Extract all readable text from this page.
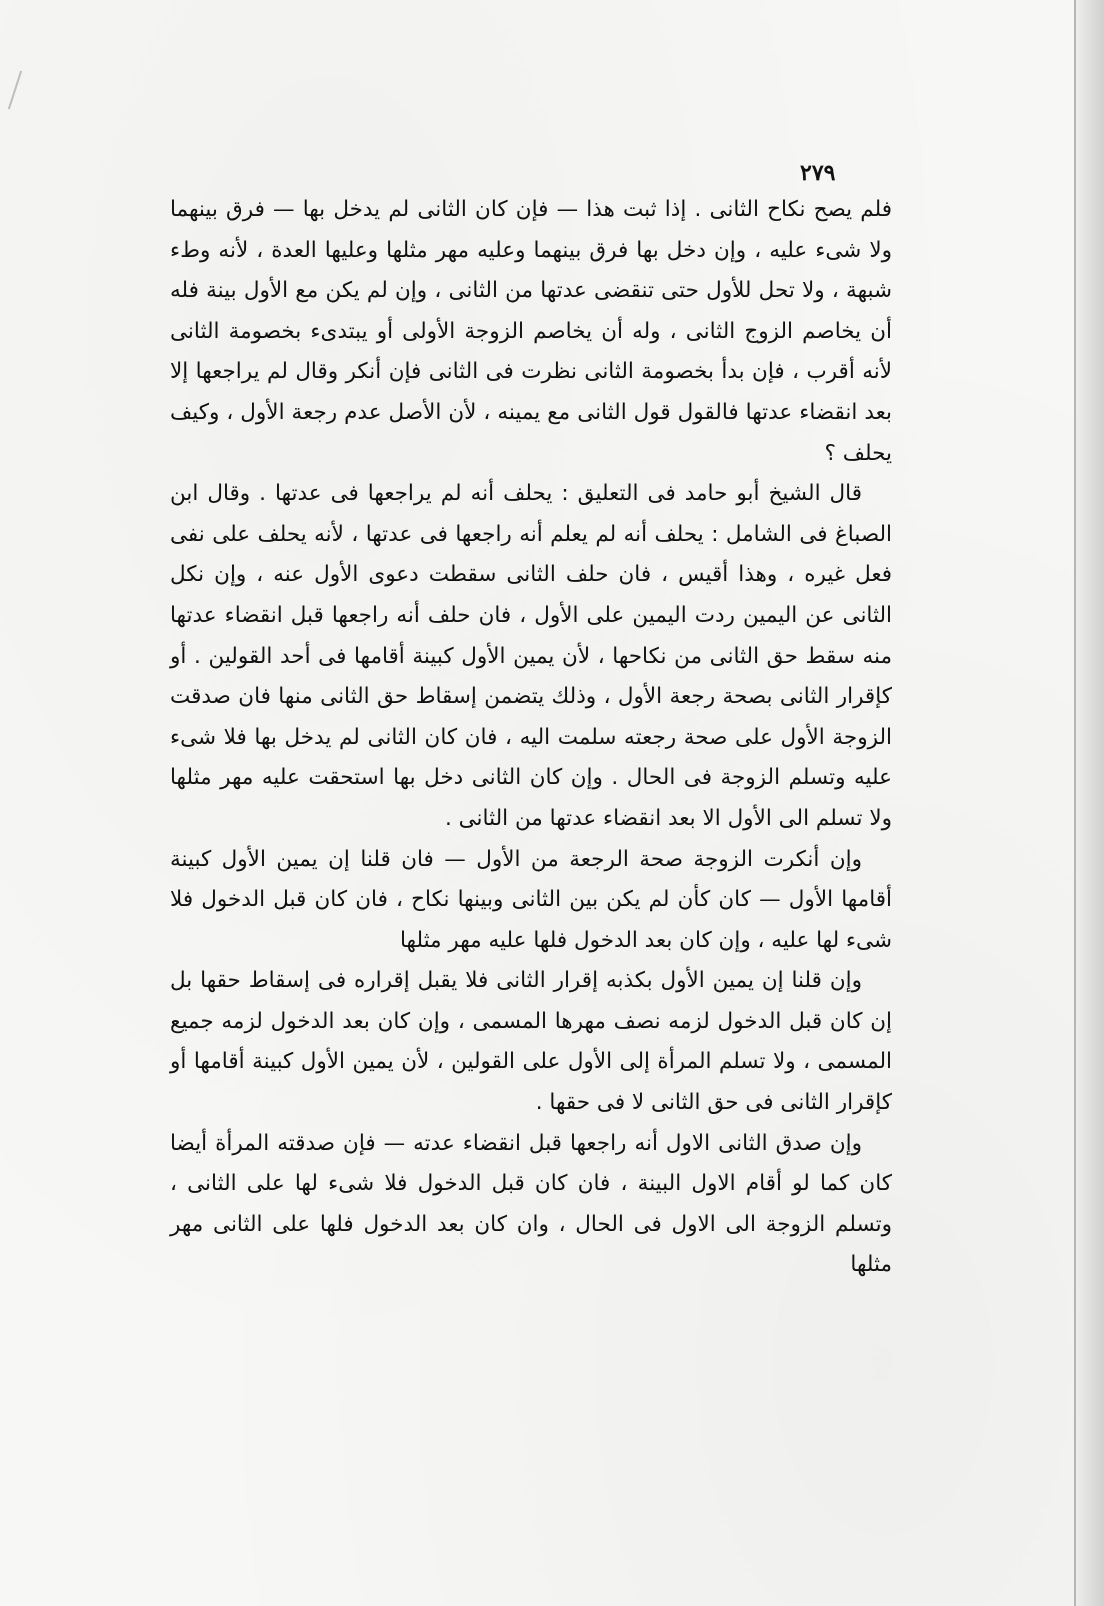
٢٧٩

فلم يصح نكاح الثانى . إذا ثبت هذا — فإن كان الثانى لم يدخل بها — فرق بينهما ولا شىء عليه ، وإن دخل بها فرق بينهما وعليه مهر مثلها وعليها العدة ، لأنه وطء شبهة ، ولا تحل للأول حتى تنقضى عدتها من الثانى ، وإن لم يكن مع الأول بينة فله أن يخاصم الزوج الثانى ، وله أن يخاصم الزوجة الأولى أو يبتدىء بخصومة الثانى لأنه أقرب ، فإن بدأ بخصومة الثانى نظرت فى الثانى فإن أنكر وقال لم يراجعها إلا بعد انقضاء عدتها فالقول قول الثانى مع يمينه ، لأن الأصل عدم رجعة الأول ، وكيف يحلف ؟

قال الشيخ أبو حامد فى التعليق : يحلف أنه لم يراجعها فى عدتها . وقال ابن الصباغ فى الشامل : يحلف أنه لم يعلم أنه راجعها فى عدتها ، لأنه يحلف على نفى فعل غيره ، وهذا أقيس ، فان حلف الثانى سقطت دعوى الأول عنه ، وإن نكل الثانى عن اليمين ردت اليمين على الأول ، فان حلف أنه راجعها قبل انقضاء عدتها منه سقط حق الثانى من نكاحها ، لأن يمين الأول كبينة أقامها فى أحد القولين . أو كإقرار الثانى بصحة رجعة الأول ، وذلك يتضمن إسقاط حق الثانى منها فان صدقت الزوجة الأول على صحة رجعته سلمت اليه ، فان كان الثانى لم يدخل بها فلا شىء عليه وتسلم الزوجة فى الحال . وإن كان الثانى دخل بها استحقت عليه مهر مثلها ولا تسلم الى الأول الا بعد انقضاء عدتها من الثانى .

وإن أنكرت الزوجة صحة الرجعة من الأول — فان قلنا إن يمين الأول كبينة أقامها الأول — كان كأن لم يكن بين الثانى وبينها نكاح ، فان كان قبل الدخول فلا شىء لها عليه ، وإن كان بعد الدخول فلها عليه مهر مثلها

وإن قلنا إن يمين الأول بكذبه إقرار الثانى فلا يقبل إقراره فى إسقاط حقها بل إن كان قبل الدخول لزمه نصف مهرها المسمى ، وإن كان بعد الدخول لزمه جميع المسمى ، ولا تسلم المرأة إلى الأول على القولين ، لأن يمين الأول كبينة أقامها أو كإقرار الثانى فى حق الثانى لا فى حقها .

وإن صدق الثانى الاول أنه راجعها قبل انقضاء عدته — فإن صدقته المرأة أيضا كان كما لو أقام الاول البينة ، فان كان قبل الدخول فلا شىء لها على الثانى ، وتسلم الزوجة الى الاول فى الحال ، وان كان بعد الدخول فلها على الثانى مهر مثلها
